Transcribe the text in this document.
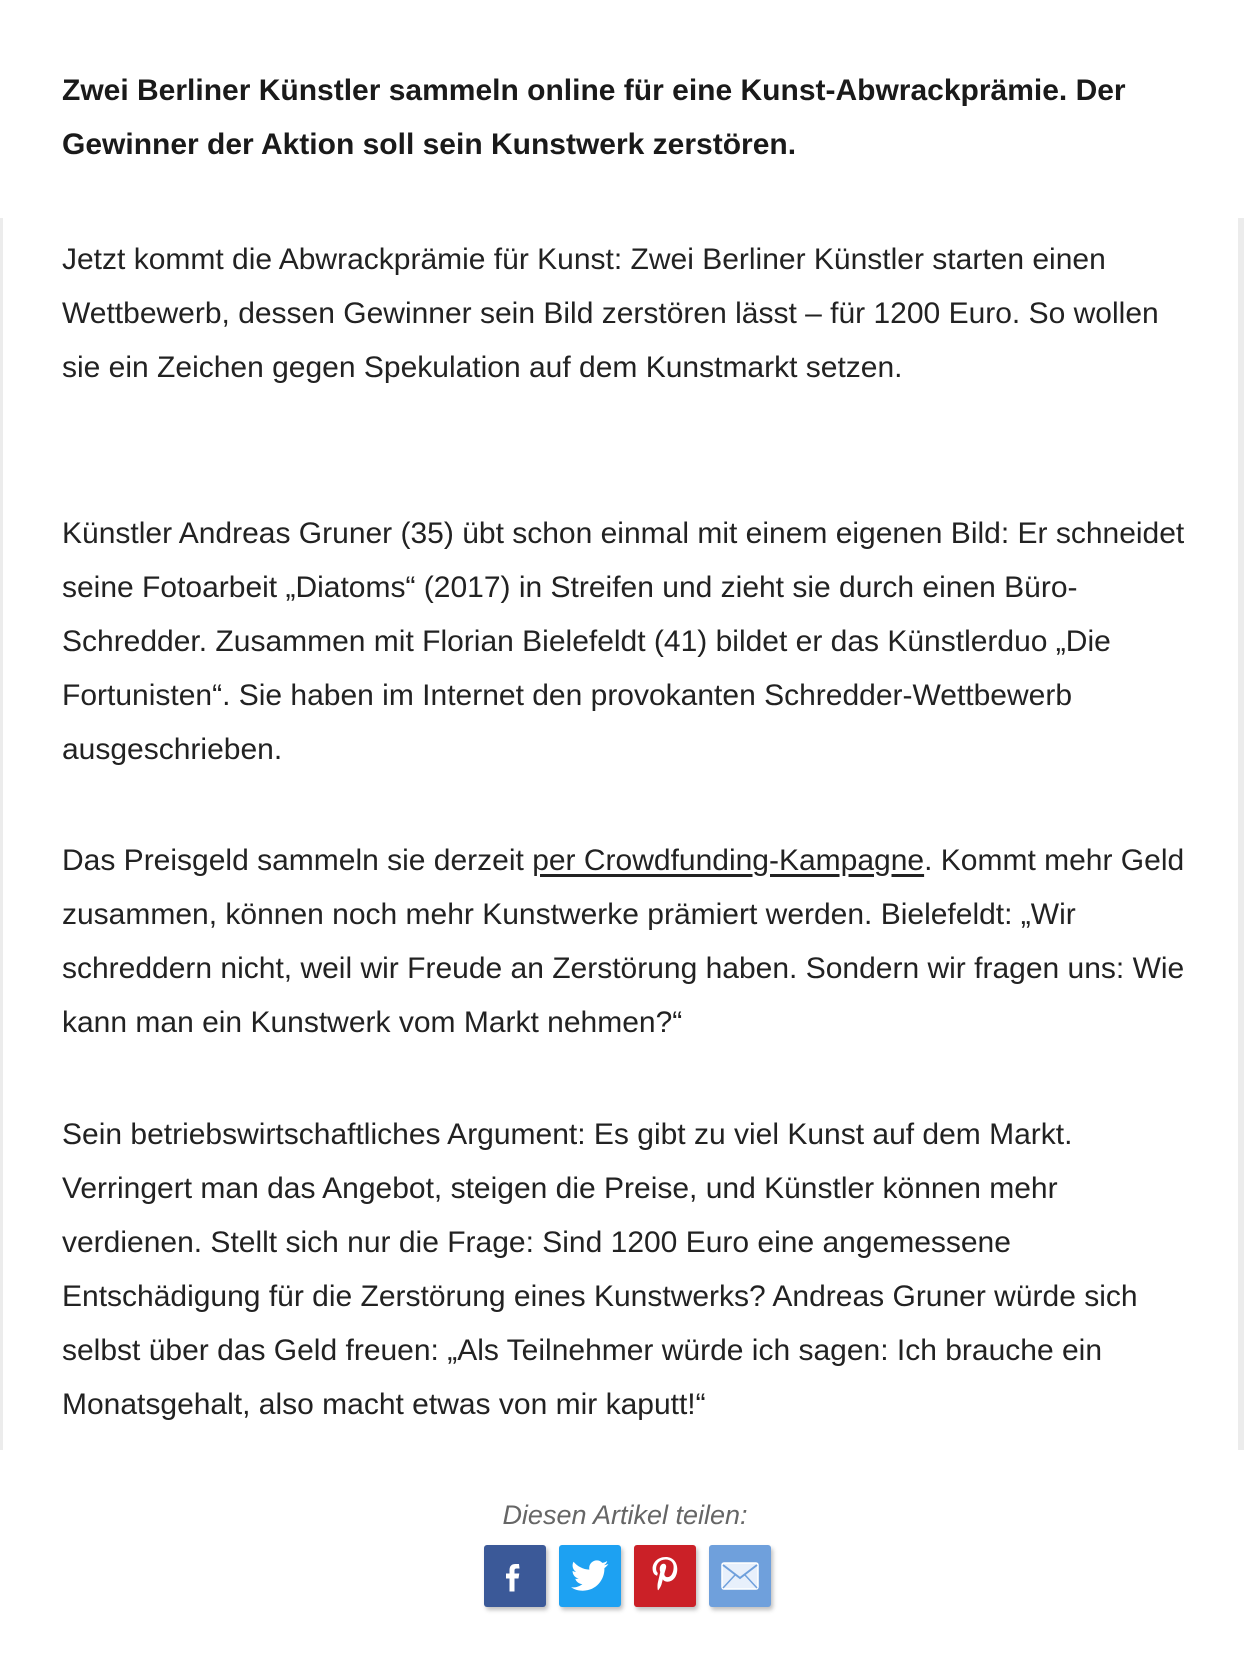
Zwei Berliner Künstler sammeln online für eine Kunst-Abwrackprämie. Der Gewinner der Aktion soll sein Kunstwerk zerstören.

Jetzt kommt die Abwrackprämie für Kunst: Zwei Berliner Künstler starten einen Wettbewerb, dessen Gewinner sein Bild zerstören lässt – für 1200 Euro. So wollen sie ein Zeichen gegen Spekulation auf dem Kunstmarkt setzen.

Künstler Andreas Gruner (35) übt schon einmal mit einem eigenen Bild: Er schneidet seine Fotoarbeit „Diatoms“ (2017) in Streifen und zieht sie durch einen Büro-Schredder. Zusammen mit Florian Bielefeldt (41) bildet er das Künstlerduo „Die Fortunisten“. Sie haben im Internet den provokanten Schredder-Wettbewerb ausgeschrieben.

Das Preisgeld sammeln sie derzeit per Crowdfunding-Kampagne. Kommt mehr Geld zusammen, können noch mehr Kunstwerke prämiert werden. Bielefeldt: „Wir schreddern nicht, weil wir Freude an Zerstörung haben. Sondern wir fragen uns: Wie kann man ein Kunstwerk vom Markt nehmen?“

Sein betriebswirtschaftliches Argument: Es gibt zu viel Kunst auf dem Markt. Verringert man das Angebot, steigen die Preise, und Künstler können mehr verdienen. Stellt sich nur die Frage: Sind 1200 Euro eine angemessene Entschädigung für die Zerstörung eines Kunstwerks? Andreas Gruner würde sich selbst über das Geld freuen: „Als Teilnehmer würde ich sagen: Ich brauche ein Monatsgehalt, also macht etwas von mir kaputt!“

Diesen Artikel teilen:
